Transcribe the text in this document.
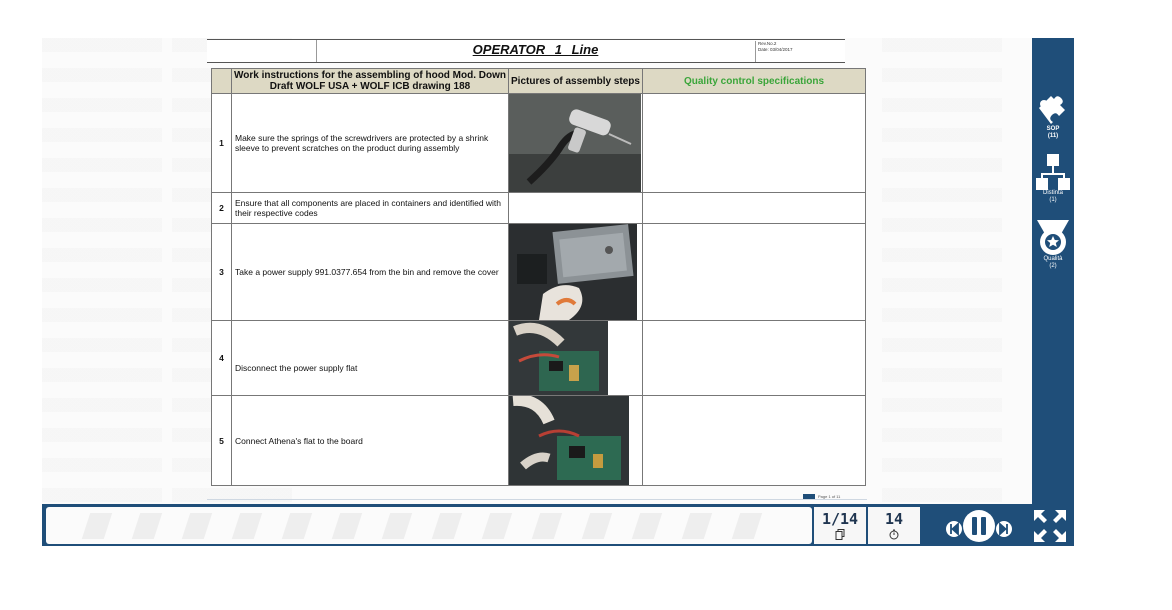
OPERATOR 1 Line	Rev.No.2
Date: 03/04/2017
	Work instructions for the assembling of hood Mod. Down Draft WOLF USA + WOLF ICB drawing 188	Pictures of assembly steps	Quality control specifications
1	Make sure the springs of the screwdrivers are protected by a shrink sleeve to prevent scratches on the product during assembly	

2	Ensure that all components are placed in containers and identified with their respective codes		
3	Take a power supply 991.0377.654 from the bin and remove the cover	

4	Disconnect the power supply flat	

5	Connect Athena's flat to the board	

Page 1 of 11
SOP
(11)
Distinta
(1)
Qualità
(2)
1/14	14
